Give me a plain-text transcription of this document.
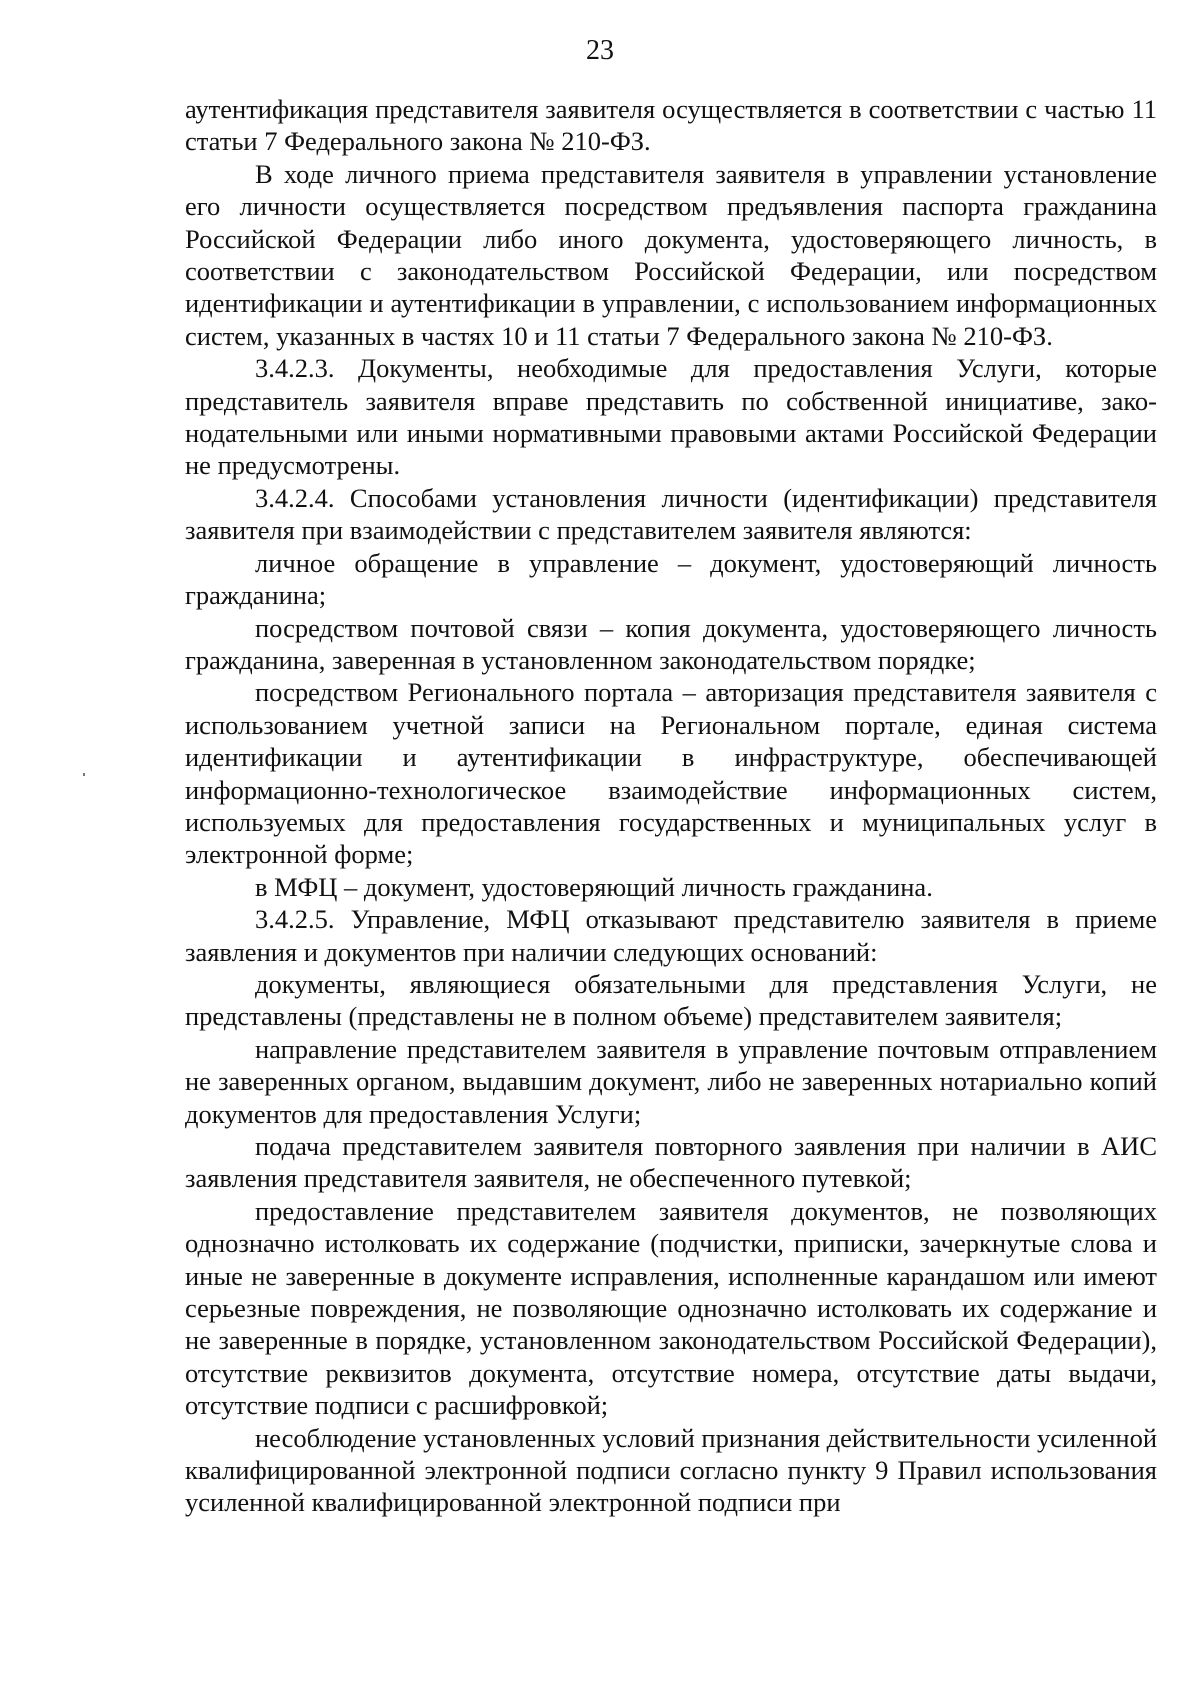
23

аутентификация представителя заявителя осуществляется в соответствии с частью 11 статьи 7 Федерального закона № 210-ФЗ.

В ходе личного приема представителя заявителя в управлении установление его личности осуществляется посредством предъявления паспорта гражданина Российской Федерации либо иного документа, удостоверяющего личность, в соответствии с законодательством Российской Федерации, или посредством идентификации и аутентификации в управлении, с использованием информационных систем, указанных в частях 10 и 11 статьи 7 Федерального закона № 210-ФЗ.

3.4.2.3. Документы, необходимые для предоставления Услуги, которые представитель заявителя вправе представить по собственной инициативе, законодательными или иными нормативными правовыми актами Российской Федерации не предусмотрены.

3.4.2.4. Способами установления личности (идентификации) представителя заявителя при взаимодействии с представителем заявителя являются:

личное обращение в управление – документ, удостоверяющий личность гражданина;

посредством почтовой связи – копия документа, удостоверяющего личность гражданина, заверенная в установленном законодательством порядке;

посредством Регионального портала – авторизация представителя заявителя с использованием учетной записи на Региональном портале, единая система идентификации и аутентификации в инфраструктуре, обеспечивающей информационно-технологическое взаимодействие информационных систем, используемых для предоставления государственных и муниципальных услуг в электронной форме;

в МФЦ – документ, удостоверяющий личность гражданина.

3.4.2.5. Управление, МФЦ отказывают представителю заявителя в приеме заявления и документов при наличии следующих оснований:

документы, являющиеся обязательными для представления Услуги, не представлены (представлены не в полном объеме) представителем заявителя;

направление представителем заявителя в управление почтовым отправлением не заверенных органом, выдавшим документ, либо не заверенных нотариально копий документов для предоставления Услуги;

подача представителем заявителя повторного заявления при наличии в АИС заявления представителя заявителя, не обеспеченного путевкой;

предоставление представителем заявителя документов, не позволяющих однозначно истолковать их содержание (подчистки, приписки, зачеркнутые слова и иные не заверенные в документе исправления, исполненные карандашом или имеют серьезные повреждения, не позволяющие однозначно истолковать их содержание и не заверенные в порядке, установленном законодательством Российской Федерации), отсутствие реквизитов документа, отсутствие номера, отсутствие даты выдачи, отсутствие подписи с расшифровкой;

несоблюдение установленных условий признания действительности усиленной квалифицированной электронной подписи согласно пункту 9 Правил использования усиленной квалифицированной электронной подписи при
